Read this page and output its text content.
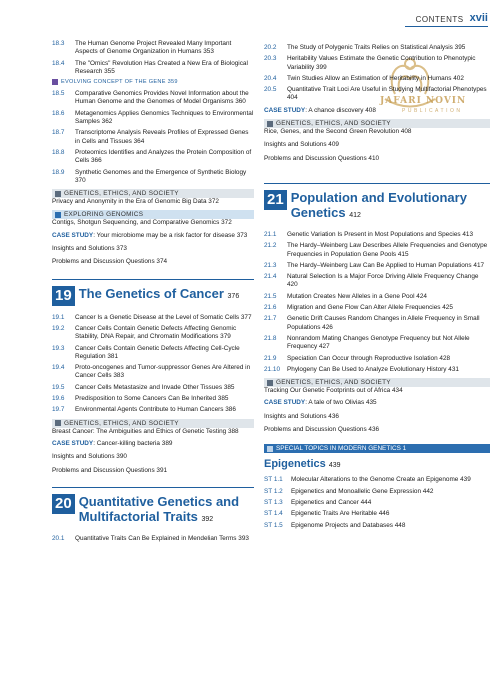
CONTENTS xvii
JAFARI NOVIN
PUBLICATION
18.3	The Human Genome Project Revealed Many Important Aspects of Genome Organization in Humans 353
18.4	The "Omics" Revolution Has Created a New Era of Biological Research 355
EVOLVING CONCEPT OF THE GENE 359
18.5	Comparative Genomics Provides Novel Information about the Human Genome and the Genomes of Model Organisms 360
18.6	Metagenomics Applies Genomics Techniques to Environmental Samples 362
18.7	Transcriptome Analysis Reveals Profiles of Expressed Genes in Cells and Tissues 364
18.8	Proteomics Identifies and Analyzes the Protein Composition of Cells 366
18.9	Synthetic Genomes and the Emergence of Synthetic Biology 370
GENETICS, ETHICS, AND SOCIETY
Privacy and Anonymity in the Era of Genomic Big Data 372
EXPLORING GENOMICS
Contigs, Shotgun Sequencing, and Comparative Genomics 372
CASE STUDY: Your microbiome may be a risk factor for disease 373
Insights and Solutions 373
Problems and Discussion Questions 374
19 The Genetics of Cancer 376
19.1	Cancer Is a Genetic Disease at the Level of Somatic Cells 377
19.2	Cancer Cells Contain Genetic Defects Affecting Genomic Stability, DNA Repair, and Chromatin Modifications 379
19.3	Cancer Cells Contain Genetic Defects Affecting Cell-Cycle Regulation 381
19.4	Proto-oncogenes and Tumor-suppressor Genes Are Altered in Cancer Cells 383
19.5	Cancer Cells Metastasize and Invade Other Tissues 385
19.6	Predisposition to Some Cancers Can Be Inherited 385
19.7	Environmental Agents Contribute to Human Cancers 386
GENETICS, ETHICS, AND SOCIETY
Breast Cancer: The Ambiguities and Ethics of Genetic Testing 388
CASE STUDY: Cancer-killing bacteria 389
Insights and Solutions 390
Problems and Discussion Questions 391
20 Quantitative Genetics and Multifactorial Traits 392
20.1	Quantitative Traits Can Be Explained in Mendelian Terms 393
20.2	The Study of Polygenic Traits Relies on Statistical Analysis 395
20.3	Heritability Values Estimate the Genetic Contribution to Phenotypic Variability 399
20.4	Twin Studies Allow an Estimation of Heritability in Humans 402
20.5	Quantitative Trait Loci Are Useful in Studying Multifactorial Phenotypes 404
CASE STUDY: A chance discovery 408
GENETICS, ETHICS, AND SOCIETY
Rice, Genes, and the Second Green Revolution 408
Insights and Solutions 409
Problems and Discussion Questions 410
21 Population and Evolutionary Genetics 412
21.1	Genetic Variation Is Present in Most Populations and Species 413
21.2	The Hardy–Weinberg Law Describes Allele Frequencies and Genotype Frequencies in Population Gene Pools 415
21.3	The Hardy–Weinberg Law Can Be Applied to Human Populations 417
21.4	Natural Selection Is a Major Force Driving Allele Frequency Change 420
21.5	Mutation Creates New Alleles in a Gene Pool 424
21.6	Migration and Gene Flow Can Alter Allele Frequencies 425
21.7	Genetic Drift Causes Random Changes in Allele Frequency in Small Populations 426
21.8	Nonrandom Mating Changes Genotype Frequency but Not Allele Frequency 427
21.9	Speciation Can Occur through Reproductive Isolation 428
21.10	Phylogeny Can Be Used to Analyze Evolutionary History 431
GENETICS, ETHICS, AND SOCIETY
Tracking Our Genetic Footprints out of Africa 434
CASE STUDY: A tale of two Olivias 435
Insights and Solutions 436
Problems and Discussion Questions 436
SPECIAL TOPICS IN MODERN GENETICS 1
Epigenetics 439
ST 1.1	Molecular Alterations to the Genome Create an Epigenome 439
ST 1.2	Epigenetics and Monoallelic Gene Expression 442
ST 1.3	Epigenetics and Cancer 444
ST 1.4	Epigenetic Traits Are Heritable 446
ST 1.5	Epigenome Projects and Databases 448
